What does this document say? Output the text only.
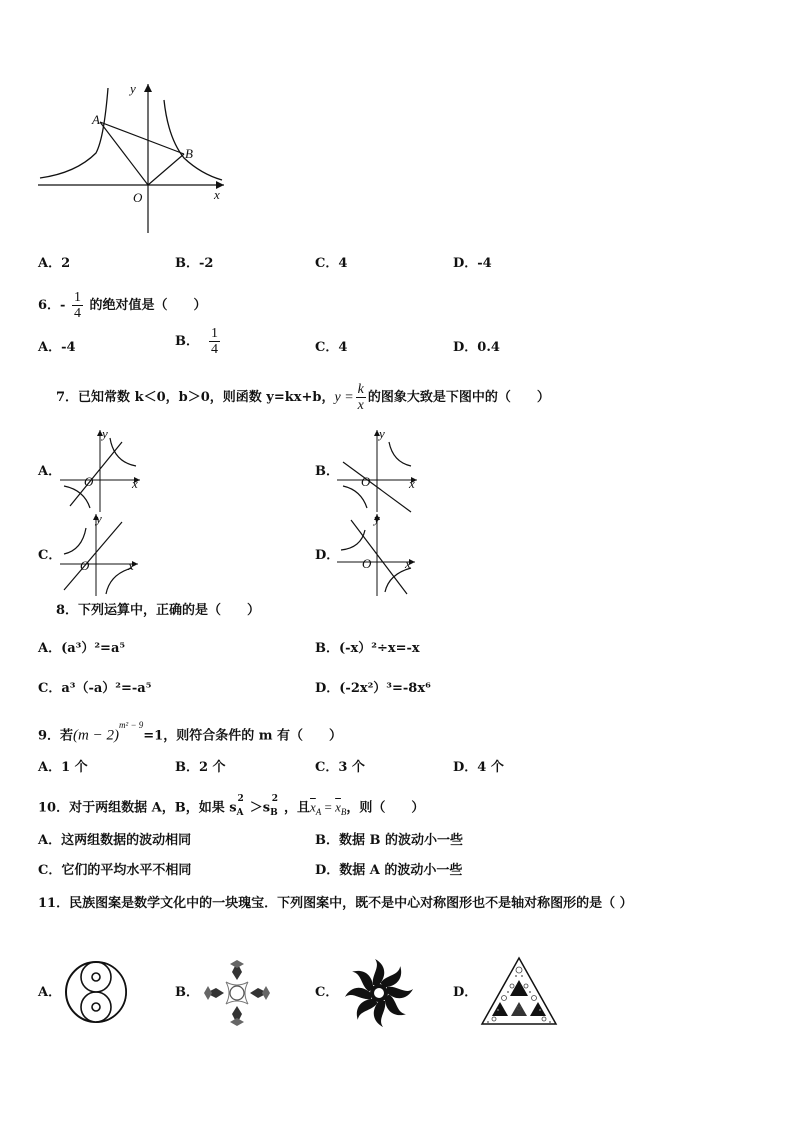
y
x
O
A
B
A．2	B．-2	C．4	D．-4
6．- $\frac{1}{4}$ 的绝对值是（　　）
A．-4	B． $\frac{1}{4}$	C．4	D．0.4
7．已知常数 k＜0，b＞0，则函数 y=kx+b，$y = \frac{k}{x}$ 的图象大致是下图中的（　　）
A．
y
x
O
B．
y
x
O
C．
y
x
O
D．
y
x
O
8．下列运算中，正确的是（　　）
A．(a³）²=a⁵	B．(-x）²÷x=-x
C．a³（-a）²=-a⁵	D．(-2x²）³=-8x⁶
9．若$(m - 2)^{m^2 - 9}=1$，则符合条件的 m 有（　　）
A．1 个	B．2 个	C．3 个	D．4 个
10．对于两组数据 A，B，如果 $s_A^2>s_B^2$，且$\overline{x}_A = \overline{x}_B$，则（　　）
A．这两组数据的波动相同	B．数据 B 的波动小一些
C．它们的平均水平不相同	D．数据 A 的波动小一些
11．民族图案是数学文化中的一块瑰宝．下列图案中，既不是中心对称图形也不是轴对称图形的是（ ）
A．	B．	C．	D．
